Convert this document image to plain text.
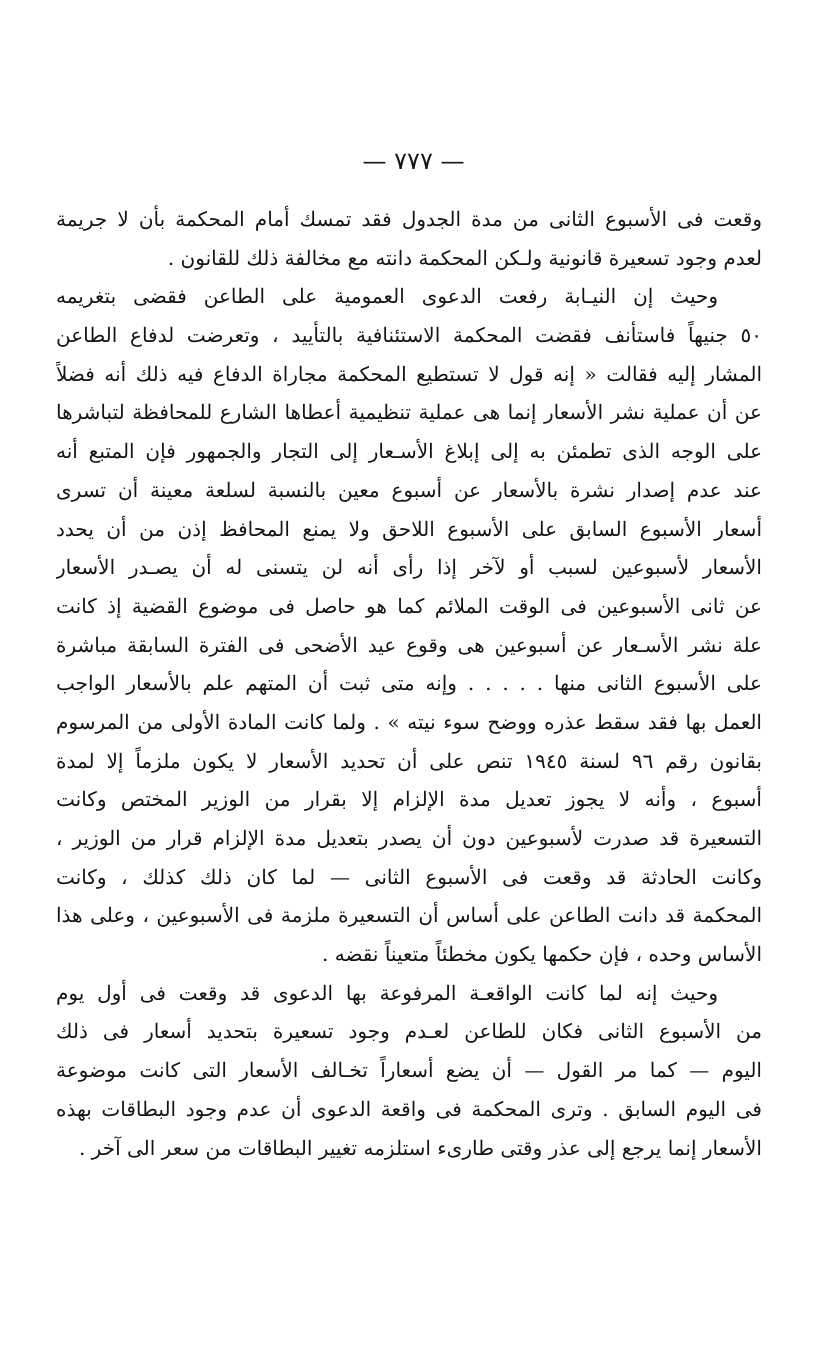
— ٧٧٧ —
وقعت فى الأسبوع الثانى من مدة الجدول فقد تمسك أمام المحكمة بأن لا جريمة
لعدم وجود تسعيرة قانونية ولـكن المحكمة دانته مع مخالفة ذلك للقانون .
وحيث إن النيـابة رفعت الدعوى العمومية على الطاعن فقضى بتغريمه
٥٠ جنيهاً فاستأنف فقضت المحكمة الاستئنافية بالتأييد ، وتعرضت لدفاع الطاعن
المشار إليه فقالت « إنه قول لا تستطيع المحكمة مجاراة الدفاع فيه ذلك أنه فضلاً
عن أن عملية نشر الأسعار إنما هى عملية تنظيمية أعطاها الشارع للمحافظة لتباشرها
على الوجه الذى تطمئن به إلى إبلاغ الأسـعار إلى التجار والجمهور فإن المتبع أنه
عند عدم إصدار نشرة بالأسعار عن أسبوع معين بالنسبة لسلعة معينة أن تسرى
أسعار الأسبوع السابق على الأسبوع اللاحق ولا يمنع المحافظ إذن من أن يحدد
الأسعار لأسبوعين لسبب أو لآخر إذا رأى أنه لن يتسنى له أن يصـدر الأسعار
عن ثانى الأسبوعين فى الوقت الملائم كما هو حاصل فى موضوع القضية إذ كانت
علة نشر الأسـعار عن أسبوعين هى وقوع عيد الأضحى فى الفترة السابقة مباشرة
على الأسبوع الثانى منها . . . . . وإنه متى ثبت أن المتهم علم بالأسعار الواجب
العمل بها فقد سقط عذره ووضح سوء نيته » . ولما كانت المادة الأولى من المرسوم
بقانون رقم ٩٦ لسنة ١٩٤٥ تنص على أن تحديد الأسعار لا يكون ملزماً إلا لمدة
أسبوع ، وأنه لا يجوز تعديل مدة الإلزام إلا بقرار من الوزير المختص وكانت
التسعيرة قد صدرت لأسبوعين دون أن يصدر بتعديل مدة الإلزام قرار من الوزير ،
وكانت الحادثة قد وقعت فى الأسبوع الثانى — لما كان ذلك كذلك ، وكانت
المحكمة قد دانت الطاعن على أساس أن التسعيرة ملزمة فى الأسبوعين ، وعلى هذا
الأساس وحده ، فإن حكمها يكون مخطئاً متعيناً نقضه .
وحيث إنه لما كانت الواقعـة المرفوعة بها الدعوى قد وقعت فى أول يوم
من الأسبوع الثانى فكان للطاعن لعـدم وجود تسعيرة بتحديد أسعار فى ذلك
اليوم — كما مر القول — أن يضع أسعاراً تخـالف الأسعار التى كانت موضوعة
فى اليوم السابق . وترى المحكمة فى واقعة الدعوى أن عدم وجود البطاقات بهذه
الأسعار إنما يرجع إلى عذر وقتى طارىء استلزمه تغيير البطاقات من سعر الى آخر .
